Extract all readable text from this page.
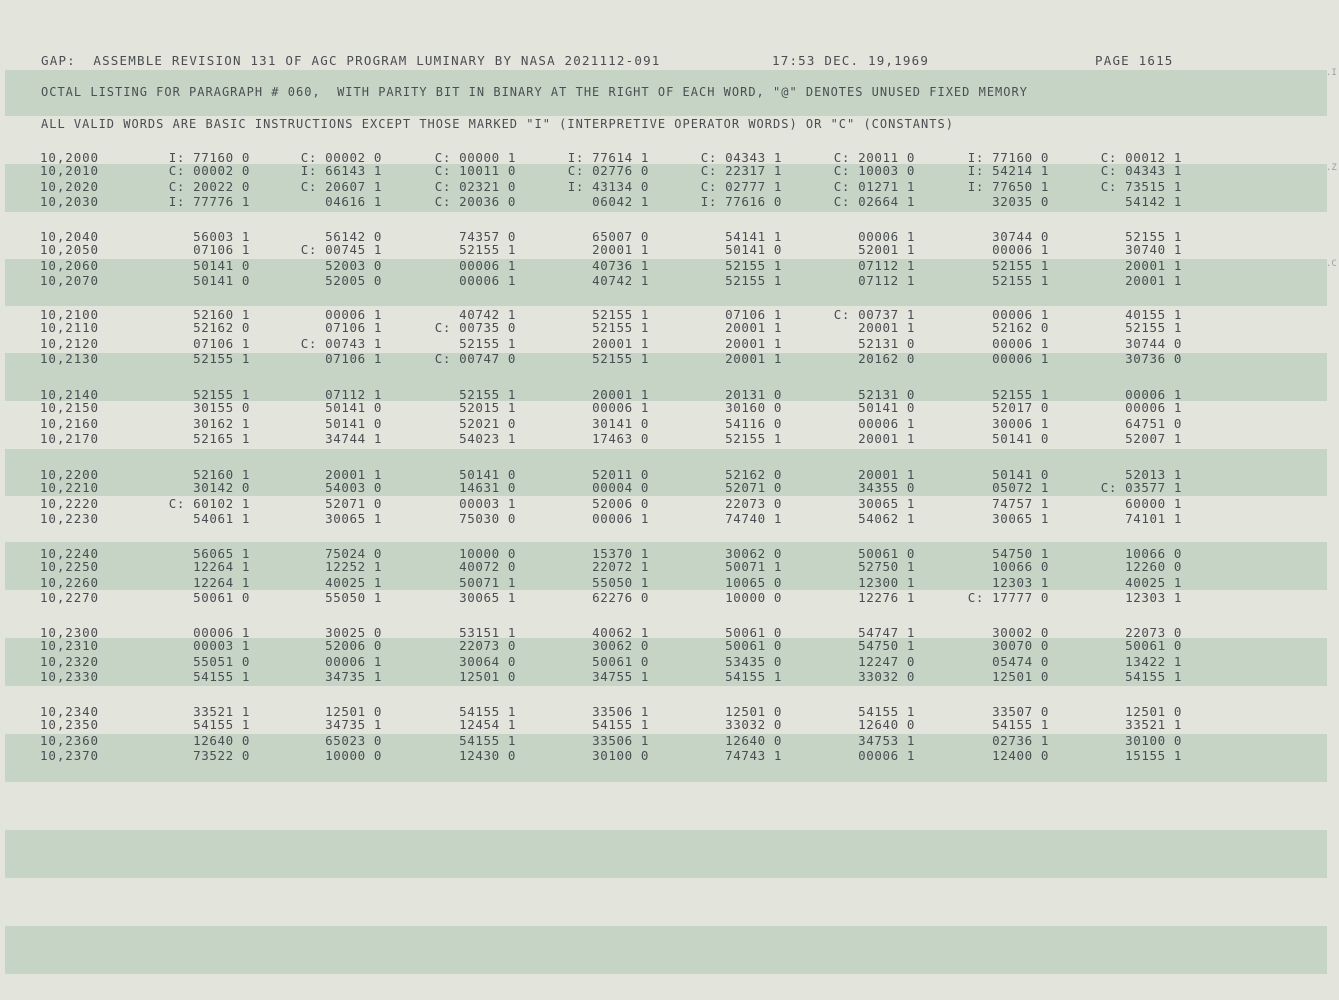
GAP:  ASSEMBLE REVISION 131 OF AGC PROGRAM LUMINARY BY NASA 2021112-091	17:53 DEC. 19,1969	PAGE 1615
OCTAL LISTING FOR PARAGRAPH # 060,  WITH PARITY BIT IN BINARY AT THE RIGHT OF EACH WORD, "@" DENOTES UNUSED FIXED MEMORY
ALL VALID WORDS ARE BASIC INSTRUCTIONS EXCEPT THOSE MARKED "I" (INTERPRETIVE OPERATOR WORDS) OR "C" (CONSTANTS)
.I
.Z
.C
10,2000	I: 77160 0	C: 00002 0	C: 00000 1	I: 77614 1	C: 04343 1	C: 20011 0	I: 77160 0	C: 00012 1
10,2010	C: 00002 0	I: 66143 1	C: 10011 0	C: 02776 0	C: 22317 1	C: 10003 0	I: 54214 1	C: 04343 1
10,2020	C: 20022 0	C: 20607 1	C: 02321 0	I: 43134 0	C: 02777 1	C: 01271 1	I: 77650 1	C: 73515 1
10,2030	I: 77776 1	04616 1	C: 20036 0	06042 1	I: 77616 0	C: 02664 1	32035 0	54142 1
10,2040	56003 1	56142 0	74357 0	65007 0	54141 1	00006 1	30744 0	52155 1
10,2050	07106 1	C: 00745 1	52155 1	20001 1	50141 0	52001 1	00006 1	30740 1
10,2060	50141 0	52003 0	00006 1	40736 1	52155 1	07112 1	52155 1	20001 1
10,2070	50141 0	52005 0	00006 1	40742 1	52155 1	07112 1	52155 1	20001 1
10,2100	52160 1	00006 1	40742 1	52155 1	07106 1	C: 00737 1	00006 1	40155 1
10,2110	52162 0	07106 1	C: 00735 0	52155 1	20001 1	20001 1	52162 0	52155 1
10,2120	07106 1	C: 00743 1	52155 1	20001 1	20001 1	52131 0	00006 1	30744 0
10,2130	52155 1	07106 1	C: 00747 0	52155 1	20001 1	20162 0	00006 1	30736 0
10,2140	52155 1	07112 1	52155 1	20001 1	20131 0	52131 0	52155 1	00006 1
10,2150	30155 0	50141 0	52015 1	00006 1	30160 0	50141 0	52017 0	00006 1
10,2160	30162 1	50141 0	52021 0	30141 0	54116 0	00006 1	30006 1	64751 0
10,2170	52165 1	34744 1	54023 1	17463 0	52155 1	20001 1	50141 0	52007 1
10,2200	52160 1	20001 1	50141 0	52011 0	52162 0	20001 1	50141 0	52013 1
10,2210	30142 0	54003 0	14631 0	00004 0	52071 0	34355 0	05072 1	C: 03577 1
10,2220	C: 60102 1	52071 0	00003 1	52006 0	22073 0	30065 1	74757 1	60000 1
10,2230	54061 1	30065 1	75030 0	00006 1	74740 1	54062 1	30065 1	74101 1
10,2240	56065 1	75024 0	10000 0	15370 1	30062 0	50061 0	54750 1	10066 0
10,2250	12264 1	12252 1	40072 0	22072 1	50071 1	52750 1	10066 0	12260 0
10,2260	12264 1	40025 1	50071 1	55050 1	10065 0	12300 1	12303 1	40025 1
10,2270	50061 0	55050 1	30065 1	62276 0	10000 0	12276 1	C: 17777 0	12303 1
10,2300	00006 1	30025 0	53151 1	40062 1	50061 0	54747 1	30002 0	22073 0
10,2310	00003 1	52006 0	22073 0	30062 0	50061 0	54750 1	30070 0	50061 0
10,2320	55051 0	00006 1	30064 0	50061 0	53435 0	12247 0	05474 0	13422 1
10,2330	54155 1	34735 1	12501 0	34755 1	54155 1	33032 0	12501 0	54155 1
10,2340	33521 1	12501 0	54155 1	33506 1	12501 0	54155 1	33507 0	12501 0
10,2350	54155 1	34735 1	12454 1	54155 1	33032 0	12640 0	54155 1	33521 1
10,2360	12640 0	65023 0	54155 1	33506 1	12640 0	34753 1	02736 1	30100 0
10,2370	73522 0	10000 0	12430 0	30100 0	74743 1	00006 1	12400 0	15155 1
